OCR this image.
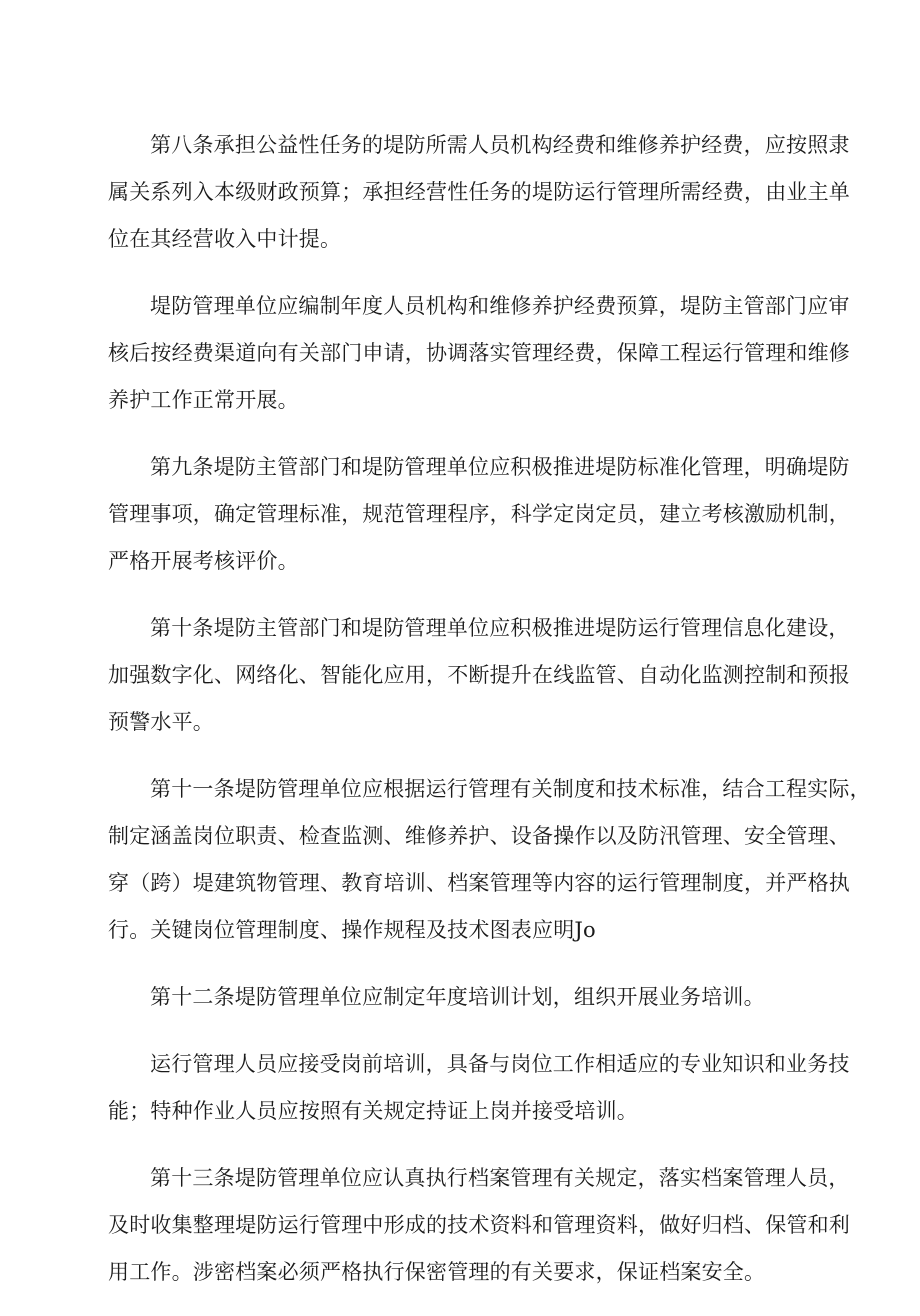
第八条承担公益性任务的堤防所需人员机构经费和维修养护经费，应按照隶
属关系列入本级财政预算；承担经营性任务的堤防运行管理所需经费，由业主单
位在其经营收入中计提。
堤防管理单位应编制年度人员机构和维修养护经费预算，堤防主管部门应审
核后按经费渠道向有关部门申请，协调落实管理经费，保障工程运行管理和维修
养护工作正常开展。
第九条堤防主管部门和堤防管理单位应积极推进堤防标准化管理，明确堤防
管理事项，确定管理标准，规范管理程序，科学定岗定员，建立考核激励机制，
严格开展考核评价。
第十条堤防主管部门和堤防管理单位应积极推进堤防运行管理信息化建设，
加强数字化、网络化、智能化应用，不断提升在线监管、自动化监测控制和预报
预警水平。
第十一条堤防管理单位应根据运行管理有关制度和技术标准，结合工程实际，
制定涵盖岗位职责、检查监测、维修养护、设备操作以及防汛管理、安全管理、
穿（跨）堤建筑物管理、教育培训、档案管理等内容的运行管理制度，并严格执
行。关键岗位管理制度、操作规程及技术图表应明Jo
第十二条堤防管理单位应制定年度培训计划，组织开展业务培训。
运行管理人员应接受岗前培训，具备与岗位工作相适应的专业知识和业务技
能；特种作业人员应按照有关规定持证上岗并接受培训。
第十三条堤防管理单位应认真执行档案管理有关规定，落实档案管理人员，
及时收集整理堤防运行管理中形成的技术资料和管理资料，做好归档、保管和利
用工作。涉密档案必须严格执行保密管理的有关要求，保证档案安全。
